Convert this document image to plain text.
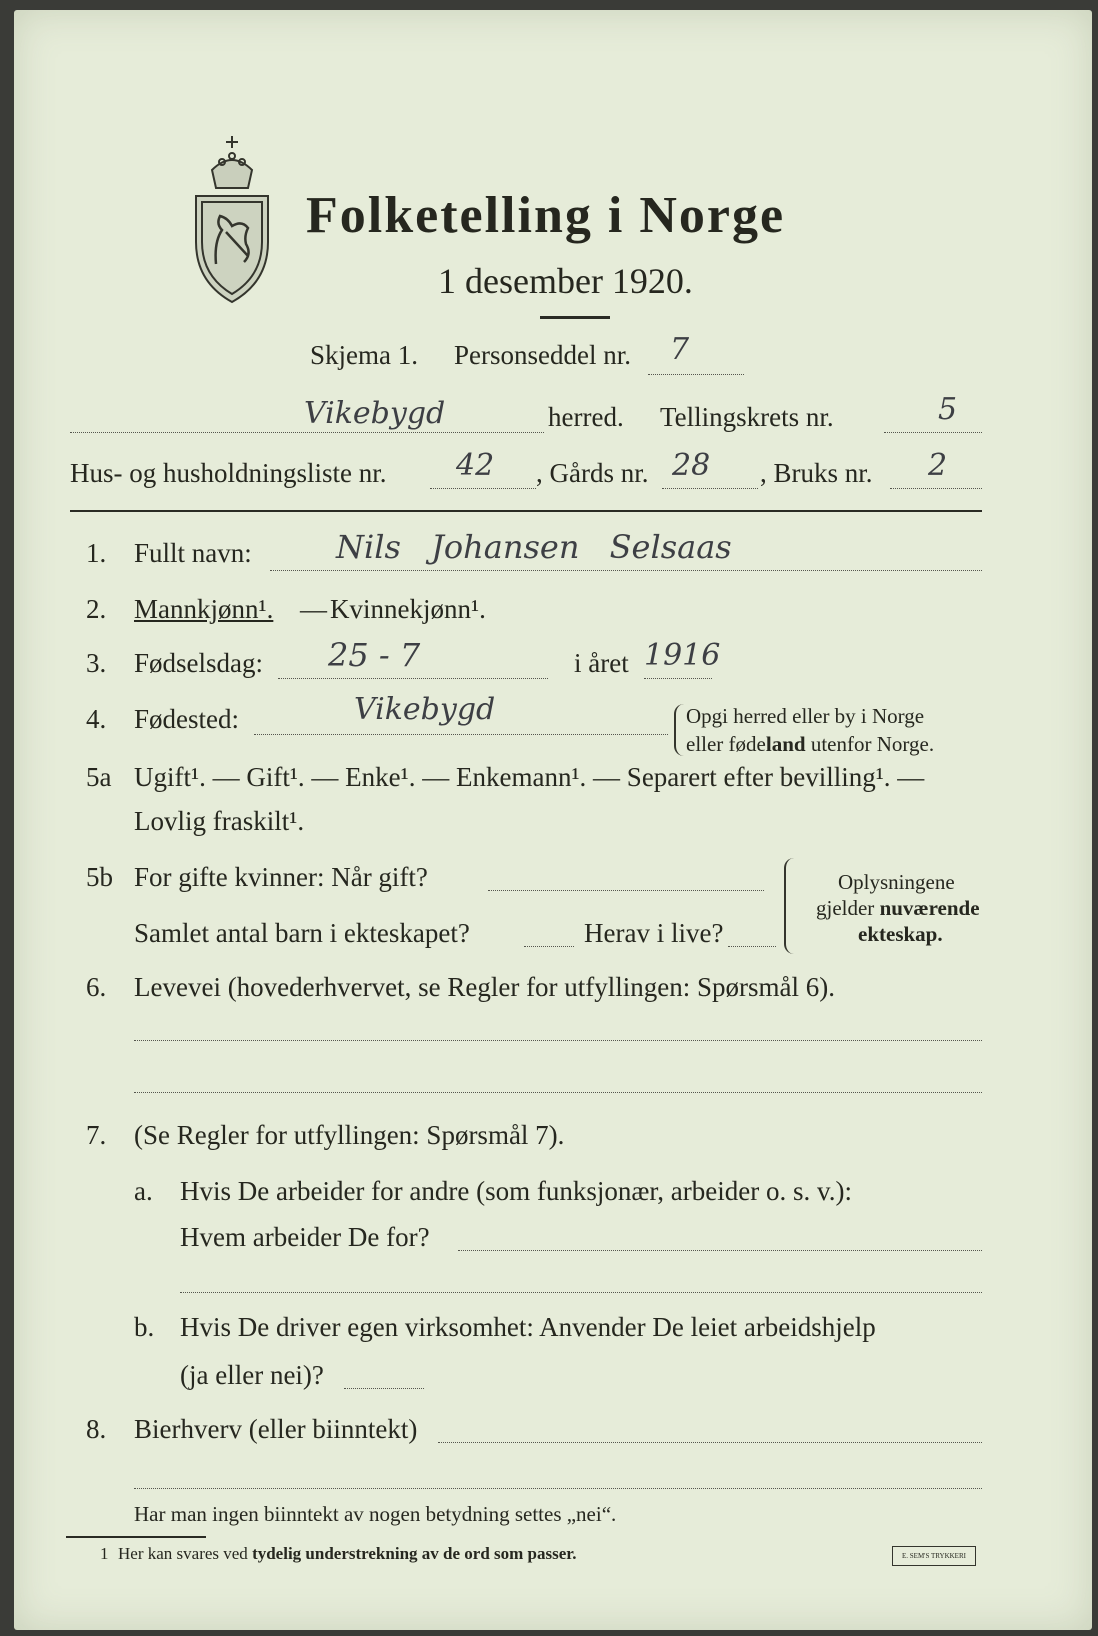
Folketelling i Norge
1 desember 1920.
Skjema 1. Personseddel nr. 7
Vikebygd	herred. Tellingskrets nr.	5
Hus- og husholdningsliste nr. 42 , Gårds nr. 28 , Bruks nr. 2
1. Fullt navn:	Nils Johansen Selsaas
2. Mannkjønn¹. — Kvinnekjønn¹.
3. Fødselsdag: 25 - 7	i året 1916
4. Fødested:	Vikebygd	Opgi herred eller by i Norge
eller fødeland utenfor Norge.
5a Ugift¹. — Gift¹. — Enke¹. — Enkemann¹. — Separert efter bevilling¹. —
Lovlig fraskilt¹.
5b For gifte kvinner: Når gift?
Samlet antal barn i ekteskapet?	Herav i live?
Oplysningene
gjelder nuværende
ekteskap.
6. Levevei (hovederhvervet, se Regler for utfyllingen: Spørsmål 6).
7. (Se Regler for utfyllingen: Spørsmål 7).
a. Hvis De arbeider for andre (som funksjonær, arbeider o. s. v.):
Hvem arbeider De for?
b. Hvis De driver egen virksomhet: Anvender De leiet arbeidshjelp
(ja eller nei)?
8. Bierhverv (eller biinntekt)
Har man ingen biinntekt av nogen betydning settes „nei“.
1 Her kan svares ved tydelig understrekning av de ord som passer.	E. SEM'S TRYKKERI
